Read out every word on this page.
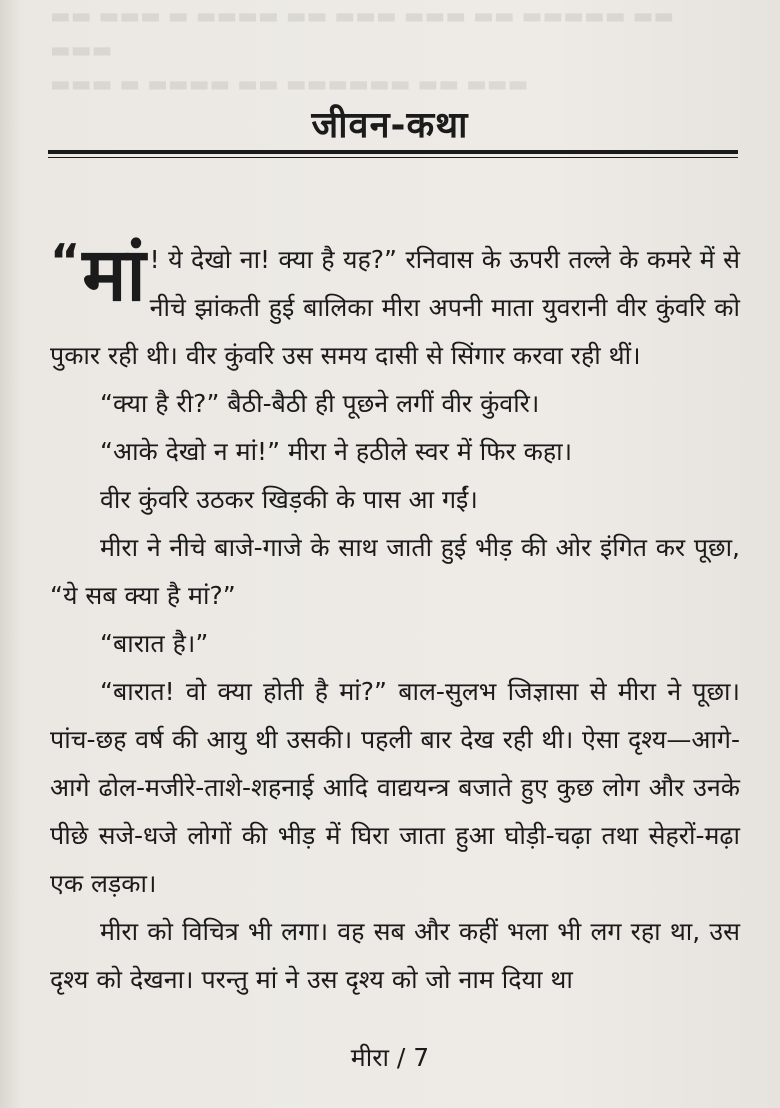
▬▬ ▬▬▬ ▬ ▬▬▬▬ ▬▬ ▬▬▬ ▬▬▬ ▬▬ ▬▬▬▬▬ ▬▬ ▬▬▬
▬▬▬ ▬ ▬▬▬▬ ▬▬ ▬▬▬▬▬▬ ▬▬ ▬▬▬
जीवन-कथा

“ मां ! ये देखो ना! क्या है यह?” रनिवास के ऊपरी तल्ले के कमरे में से नीचे झांकती हुई बालिका मीरा अपनी माता युवरानी वीर कुंवरि को पुकार रही थी। वीर कुंवरि उस समय दासी से सिंगार करवा रही थीं।

“क्या है री?” बैठी-बैठी ही पूछने लगीं वीर कुंवरि।

“आके देखो न मां!” मीरा ने हठीले स्वर में फिर कहा।

वीर कुंवरि उठकर खिड़की के पास आ गईं।

मीरा ने नीचे बाजे-गाजे के साथ जाती हुई भीड़ की ओर इंगित कर पूछा, “ये सब क्या है मां?”

“बारात है।”

“बारात! वो क्या होती है मां?” बाल-सुलभ जिज्ञासा से मीरा ने पूछा। पांच-छह वर्ष की आयु थी उसकी। पहली बार देख रही थी। ऐसा दृश्य—आगे-आगे ढोल-मजीरे-ताशे-शहनाई आदि वाद्ययन्त्र बजाते हुए कुछ लोग और उनके पीछे सजे-धजे लोगों की भीड़ में घिरा जाता हुआ घोड़ी-चढ़ा तथा सेहरों-मढ़ा एक लड़का।

मीरा को विचित्र भी लगा। वह सब और कहीं भला भी लग रहा था, उस दृश्य को देखना। परन्तु मां ने उस दृश्य को जो नाम दिया था

मीरा / 7
